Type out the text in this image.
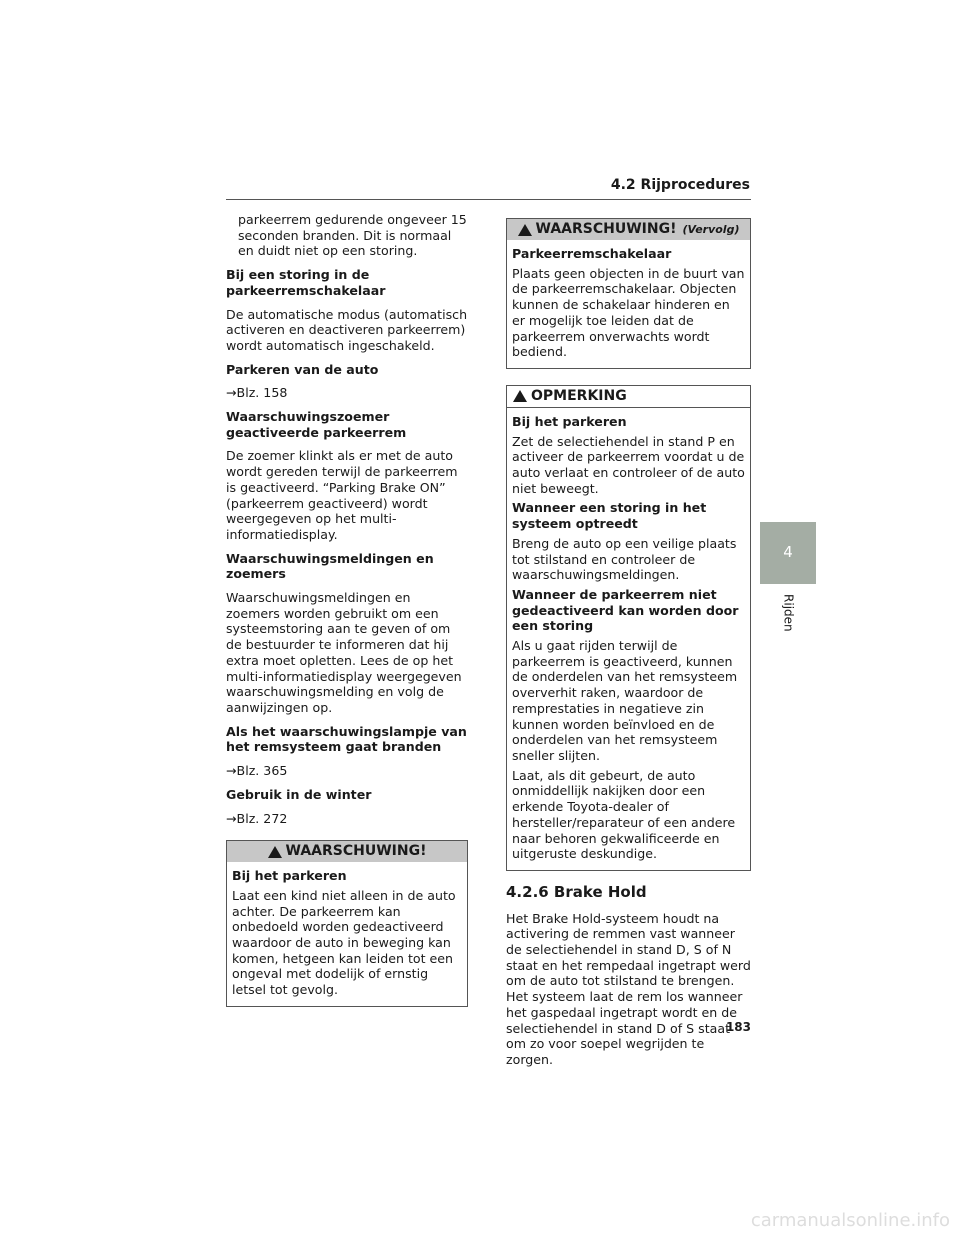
4.2 Rijprocedures
4
Rijden

parkeerrem gedurende ongeveer 15 seconden branden. Dit is normaal en duidt niet op een storing.

Bij een storing in de parkeerremschakelaar

De automatische modus (automatisch activeren en deactiveren parkeerrem) wordt automatisch ingeschakeld.

Parkeren van de auto

→Blz. 158

Waarschuwingszoemer geactiveerde parkeerrem

De zoemer klinkt als er met de auto wordt gereden terwijl de parkeerrem is geactiveerd. “Parking Brake ON” (parkeerrem geactiveerd) wordt weergegeven op het multi-informatiedisplay.

Waarschuwingsmeldingen en zoemers

Waarschuwingsmeldingen en zoemers worden gebruikt om een systeemstoring aan te geven of om de bestuurder te informeren dat hij extra moet opletten. Lees de op het multi-informatiedisplay weergegeven waarschuwingsmelding en volg de aanwijzingen op.

Als het waarschuwingslampje van het remsysteem gaat branden

→Blz. 365

Gebruik in de winter

→Blz. 272

WAARSCHUWING!

Bij het parkeren

Laat een kind niet alleen in de auto achter. De parkeerrem kan onbedoeld worden gedeactiveerd waardoor de auto in beweging kan komen, hetgeen kan leiden tot een ongeval met dodelijk of ernstig letsel tot gevolg.

WAARSCHUWING! (Vervolg)

Parkeerremschakelaar

Plaats geen objecten in de buurt van de parkeerremschakelaar. Objecten kunnen de schakelaar hinderen en er mogelijk toe leiden dat de parkeerrem onverwachts wordt bediend.

OPMERKING

Bij het parkeren

Zet de selectiehendel in stand P en activeer de parkeerrem voordat u de auto verlaat en controleer of de auto niet beweegt.

Wanneer een storing in het systeem optreedt

Breng de auto op een veilige plaats tot stilstand en controleer de waarschuwingsmeldingen.

Wanneer de parkeerrem niet gedeactiveerd kan worden door een storing

Als u gaat rijden terwijl de parkeerrem is geactiveerd, kunnen de onderdelen van het remsysteem oververhit raken, waardoor de remprestaties in negatieve zin kunnen worden beïnvloed en de onderdelen van het remsysteem sneller slijten.

Laat, als dit gebeurt, de auto onmiddellijk nakijken door een erkende Toyota-dealer of hersteller/reparateur of een andere naar behoren gekwalificeerde en uitgeruste deskundige.

4.2.6 Brake Hold

Het Brake Hold-systeem houdt na activering de remmen vast wanneer de selectiehendel in stand D, S of N staat en het rempedaal ingetrapt werd om de auto tot stilstand te brengen. Het systeem laat de rem los wanneer het gaspedaal ingetrapt wordt en de selectiehendel in stand D of S staat om zo voor soepel wegrijden te zorgen.

183
carmanualsonline.info
